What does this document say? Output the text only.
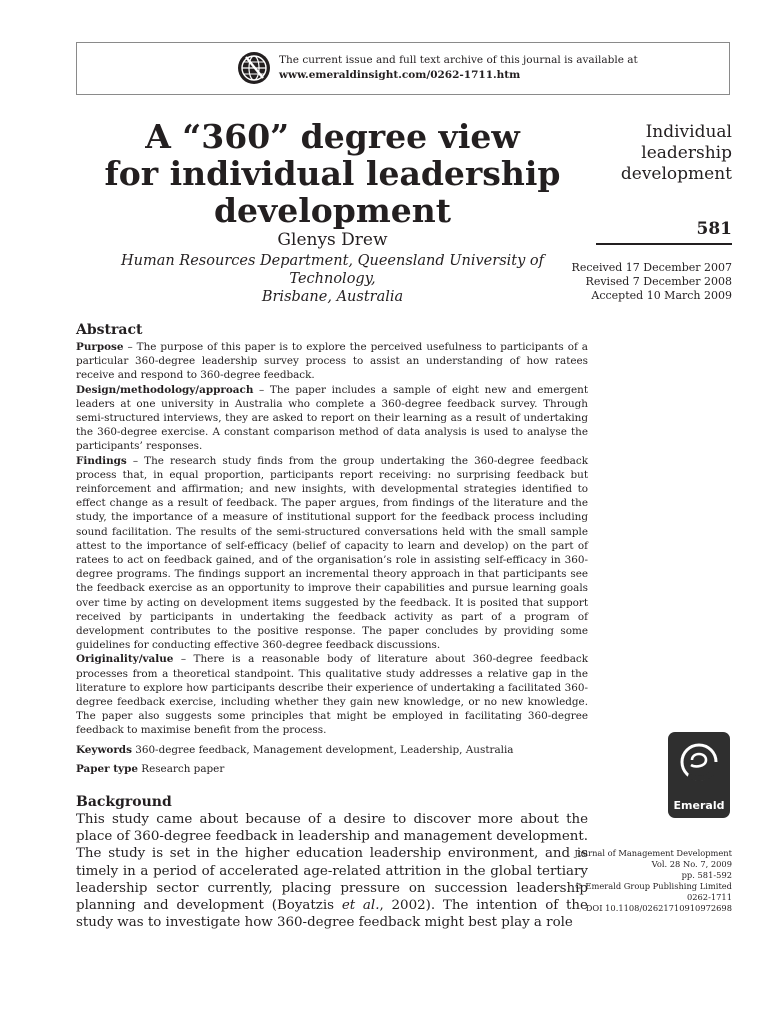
The current issue and full text archive of this journal is available at
www.emeraldinsight.com/0262-1711.htm
A “360” degree view
for individual leadership
development
Glenys Drew
Human Resources Department, Queensland University of Technology,
Brisbane, Australia
Individual
leadership
development
581
Received 17 December 2007
Revised 7 December 2008
Accepted 10 March 2009
Abstract

Purpose – The purpose of this paper is to explore the perceived usefulness to participants of a particular 360-degree leadership survey process to assist an understanding of how ratees receive and respond to 360-degree feedback.

Design/methodology/approach – The paper includes a sample of eight new and emergent leaders at one university in Australia who complete a 360-degree feedback survey. Through semi-structured interviews, they are asked to report on their learning as a result of undertaking the 360-degree exercise. A constant comparison method of data analysis is used to analyse the participants’ responses.

Findings – The research study finds from the group undertaking the 360-degree feedback process that, in equal proportion, participants report receiving: no surprising feedback but reinforcement and affirmation; and new insights, with developmental strategies identified to effect change as a result of feedback. The paper argues, from findings of the literature and the study, the importance of a measure of institutional support for the feedback process including sound facilitation. The results of the semi-structured conversations held with the small sample attest to the importance of self-efficacy (belief of capacity to learn and develop) on the part of ratees to act on feedback gained, and of the organisation’s role in assisting self-efficacy in 360-degree programs. The findings support an incremental theory approach in that participants see the feedback exercise as an opportunity to improve their capabilities and pursue learning goals over time by acting on development items suggested by the feedback. It is posited that support received by participants in undertaking the feedback activity as part of a program of development contributes to the positive response. The paper concludes by providing some guidelines for conducting effective 360-degree feedback discussions.

Originality/value – There is a reasonable body of literature about 360-degree feedback processes from a theoretical standpoint. This qualitative study addresses a relative gap in the literature to explore how participants describe their experience of undertaking a facilitated 360-degree feedback exercise, including whether they gain new knowledge, or no new knowledge. The paper also suggests some principles that might be employed in facilitating 360-degree feedback to maximise benefit from the process.

Keywords 360-degree feedback, Management development, Leadership, Australia

Paper type Research paper

Emerald
Background

This study came about because of a desire to discover more about the place of 360-degree feedback in leadership and management development. The study is set in the higher education leadership environment, and is timely in a period of accelerated age-related attrition in the global tertiary leadership sector currently, placing pressure on succession leadership planning and development (Boyatzis et al., 2002). The intention of the study was to investigate how 360-degree feedback might best play a role

Journal of Management Development
Vol. 28 No. 7, 2009
pp. 581-592
© Emerald Group Publishing Limited
0262-1711
DOI 10.1108/02621710910972698
